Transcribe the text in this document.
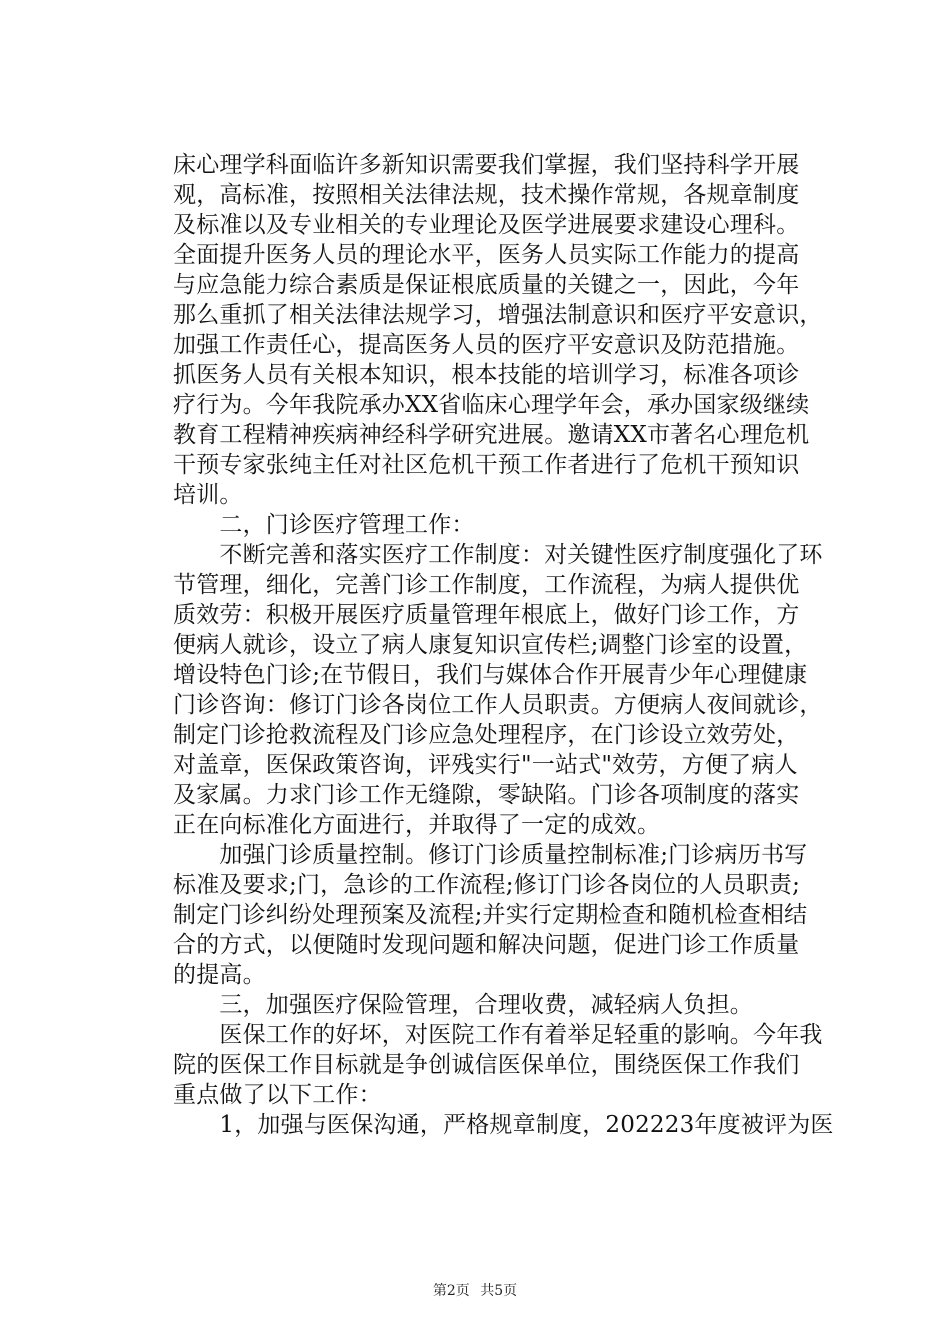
床心理学科面临许多新知识需要我们掌握，我们坚持科学开展
观，高标准，按照相关法律法规，技术操作常规，各规章制度
及标准以及专业相关的专业理论及医学进展要求建设心理科。
全面提升医务人员的理论水平，医务人员实际工作能力的提高
与应急能力综合素质是保证根底质量的关键之一，因此，今年
那么重抓了相关法律法规学习，增强法制意识和医疗平安意识，
加强工作责任心，提高医务人员的医疗平安意识及防范措施。
抓医务人员有关根本知识，根本技能的培训学习，标准各项诊
疗行为。今年我院承办XX省临床心理学年会，承办国家级继续
教育工程精神疾病神经科学研究进展。邀请XX市著名心理危机
干预专家张纯主任对社区危机干预工作者进行了危机干预知识
培训。
　　二，门诊医疗管理工作：
　　不断完善和落实医疗工作制度：对关键性医疗制度强化了环
节管理，细化，完善门诊工作制度，工作流程，为病人提供优
质效劳：积极开展医疗质量管理年根底上，做好门诊工作，方
便病人就诊，设立了病人康复知识宣传栏;调整门诊室的设置，
增设特色门诊;在节假日，我们与媒体合作开展青少年心理健康
门诊咨询：修订门诊各岗位工作人员职责。方便病人夜间就诊，
制定门诊抢救流程及门诊应急处理程序，在门诊设立效劳处，
对盖章，医保政策咨询，评残实行"一站式"效劳，方便了病人
及家属。力求门诊工作无缝隙，零缺陷。门诊各项制度的落实
正在向标准化方面进行，并取得了一定的成效。
　　加强门诊质量控制。修订门诊质量控制标准;门诊病历书写
标准及要求;门，急诊的工作流程;修订门诊各岗位的人员职责;
制定门诊纠纷处理预案及流程;并实行定期检查和随机检查相结
合的方式，以便随时发现问题和解决问题，促进门诊工作质量
的提高。
　　三，加强医疗保险管理，合理收费，减轻病人负担。
　　医保工作的好坏，对医院工作有着举足轻重的影响。今年我
院的医保工作目标就是争创诚信医保单位，围绕医保工作我们
重点做了以下工作：
　　1，加强与医保沟通，严格规章制度，202223年度被评为医
第2页 共5页
